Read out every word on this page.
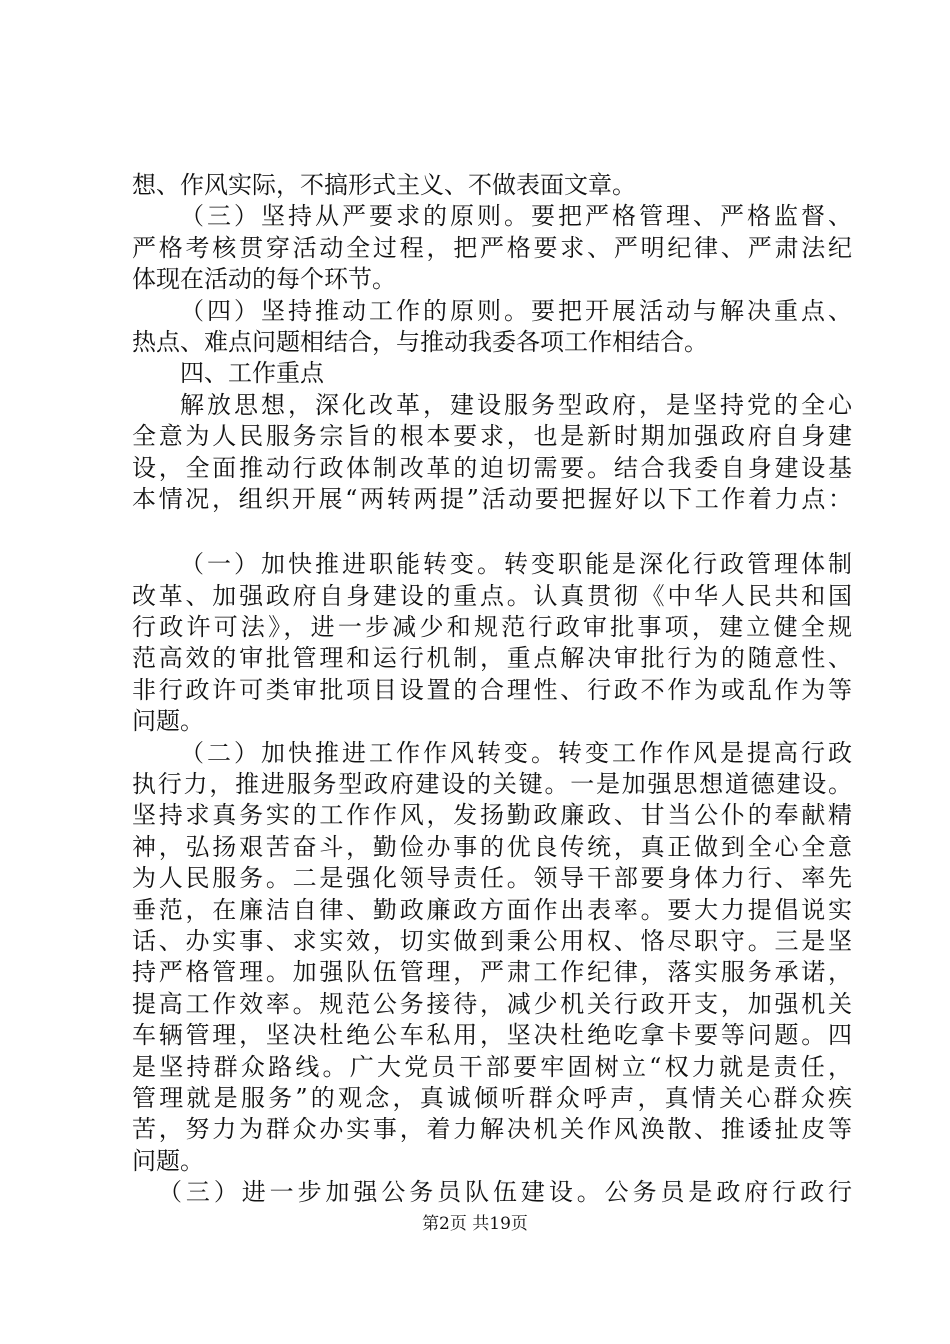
想、作风实际，不搞形式主义、不做表面文章。
（三）坚持从严要求的原则。要把严格管理、严格监督、
严格考核贯穿活动全过程，把严格要求、严明纪律、严肃法纪
体现在活动的每个环节。
（四）坚持推动工作的原则。要把开展活动与解决重点、
热点、难点问题相结合，与推动我委各项工作相结合。
四、工作重点
解放思想，深化改革，建设服务型政府，是坚持党的全心
全意为人民服务宗旨的根本要求，也是新时期加强政府自身建
设，全面推动行政体制改革的迫切需要。结合我委自身建设基
本情况，组织开展“两转两提”活动要把握好以下工作着力点：
（一）加快推进职能转变。转变职能是深化行政管理体制
改革、加强政府自身建设的重点。认真贯彻《中华人民共和国
行政许可法》，进一步减少和规范行政审批事项，建立健全规
范高效的审批管理和运行机制，重点解决审批行为的随意性、
非行政许可类审批项目设置的合理性、行政不作为或乱作为等
问题。
（二）加快推进工作作风转变。转变工作作风是提高行政
执行力，推进服务型政府建设的关键。一是加强思想道德建设。
坚持求真务实的工作作风，发扬勤政廉政、甘当公仆的奉献精
神，弘扬艰苦奋斗，勤俭办事的优良传统，真正做到全心全意
为人民服务。二是强化领导责任。领导干部要身体力行、率先
垂范，在廉洁自律、勤政廉政方面作出表率。要大力提倡说实
话、办实事、求实效，切实做到秉公用权、恪尽职守。三是坚
持严格管理。加强队伍管理，严肃工作纪律，落实服务承诺，
提高工作效率。规范公务接待，减少机关行政开支，加强机关
车辆管理，坚决杜绝公车私用，坚决杜绝吃拿卡要等问题。四
是坚持群众路线。广大党员干部要牢固树立“权力就是责任，
管理就是服务”的观念，真诚倾听群众呼声，真情关心群众疾
苦，努力为群众办实事，着力解决机关作风涣散、推诿扯皮等
问题。
（三）进一步加强公务员队伍建设。公务员是政府行政行
第2页 共19页
